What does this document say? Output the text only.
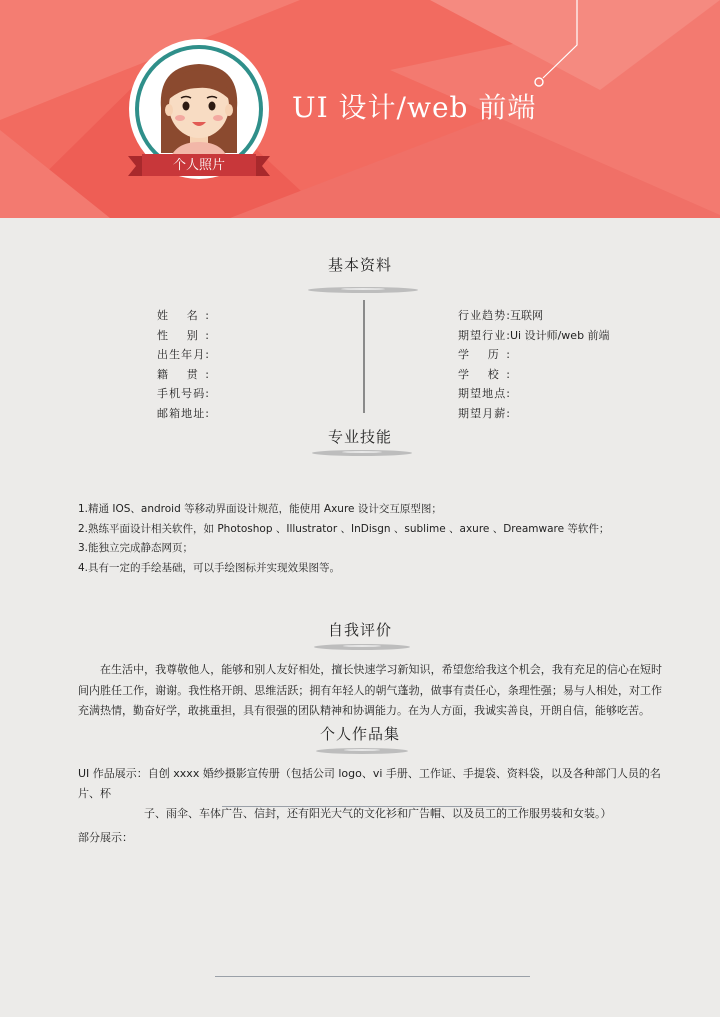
个人照片
UI 设计/web 前端
基本资料
姓 名:
性 别:
出生年月:
籍 贯:
手机号码:
邮箱地址:
行业趋势: 互联网
期望行业: Ui 设计师/web 前端
学 历:
学 校:
期望地点:
期望月薪:
专业技能
1.精通 IOS、android 等移动界面设计规范，能使用 Axure 设计交互原型图；
2.熟练平面设计相关软件，如 Photoshop 、Illustrator 、InDisgn 、sublime 、axure 、Dreamware 等软件；
3.能独立完成静态网页；
4.具有一定的手绘基础，可以手绘图标并实现效果图等。
自我评价
在生活中，我尊敬他人，能够和别人友好相处，擅长快速学习新知识，希望您给我这个机会，我有充足的信心在短时间内胜任工作，谢谢。我性格开朗、思维活跃；拥有年轻人的朝气蓬勃，做事有责任心，条理性强；易与人相处，对工作充满热情，勤奋好学，敢挑重担，具有很强的团队精神和协调能力。在为人方面，我诚实善良，开朗自信，能够吃苦。
个人作品集
UI 作品展示：自创 xxxx 婚纱摄影宣传册（包括公司 logo、vi 手册、工作证、手提袋、资料袋，以及各种部门人员的名片、杯
子、雨伞、车体广告、信封，还有阳光大气的文化衫和广告帽、以及员工的工作服男装和女装。）
部分展示：
